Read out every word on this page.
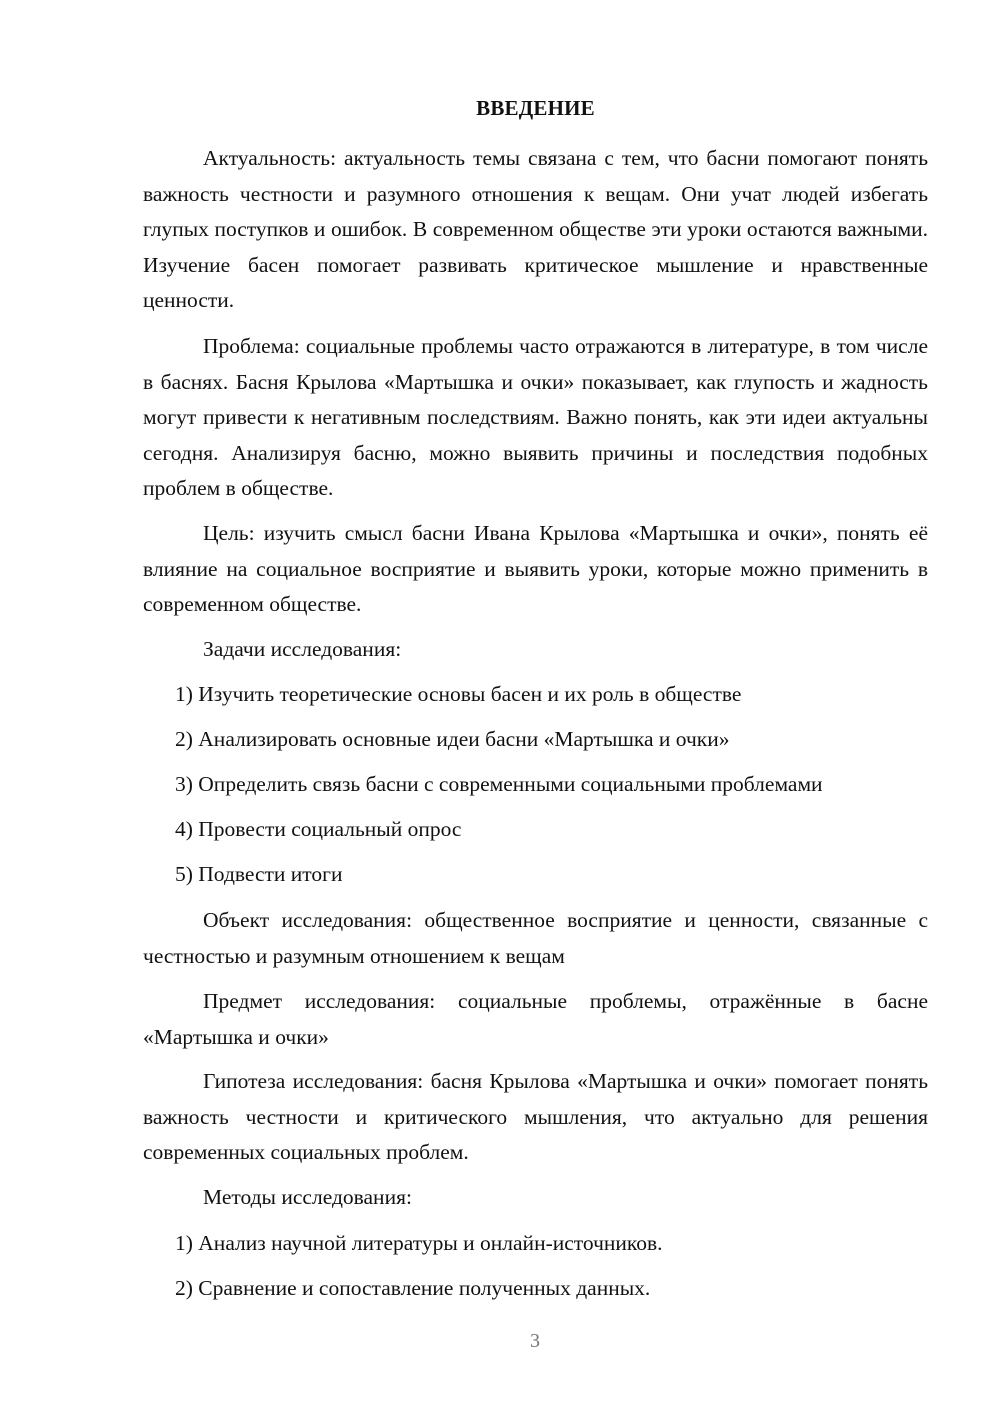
ВВЕДЕНИЕ

Актуальность: актуальность темы связана с тем, что басни помогают понять важность честности и разумного отношения к вещам. Они учат людей избегать глупых поступков и ошибок. В современном обществе эти уроки остаются важными. Изучение басен помогает развивать критическое мышление и нравственные ценности.

Проблема: социальные проблемы часто отражаются в литературе, в том числе в баснях. Басня Крылова «Мартышка и очки» показывает, как глупость и жадность могут привести к негативным последствиям. Важно понять, как эти идеи актуальны сегодня. Анализируя басню, можно выявить причины и последствия подобных проблем в обществе.

Цель: изучить смысл басни Ивана Крылова «Мартышка и очки», понять её влияние на социальное восприятие и выявить уроки, которые можно применить в современном обществе.

Задачи исследования:

1) Изучить теоретические основы басен и их роль в обществе

2) Анализировать основные идеи басни «Мартышка и очки»

3) Определить связь басни с современными социальными проблемами

4) Провести социальный опрос

5) Подвести итоги

Объект исследования: общественное восприятие и ценности, связанные с честностью и разумным отношением к вещам

Предмет исследования: социальные проблемы, отражённые в басне «Мартышка и очки»

Гипотеза исследования: басня Крылова «Мартышка и очки» помогает понять важность честности и критического мышления, что актуально для решения современных социальных проблем.

Методы исследования:

1) Анализ научной литературы и онлайн-источников.

2) Сравнение и сопоставление полученных данных.

3
